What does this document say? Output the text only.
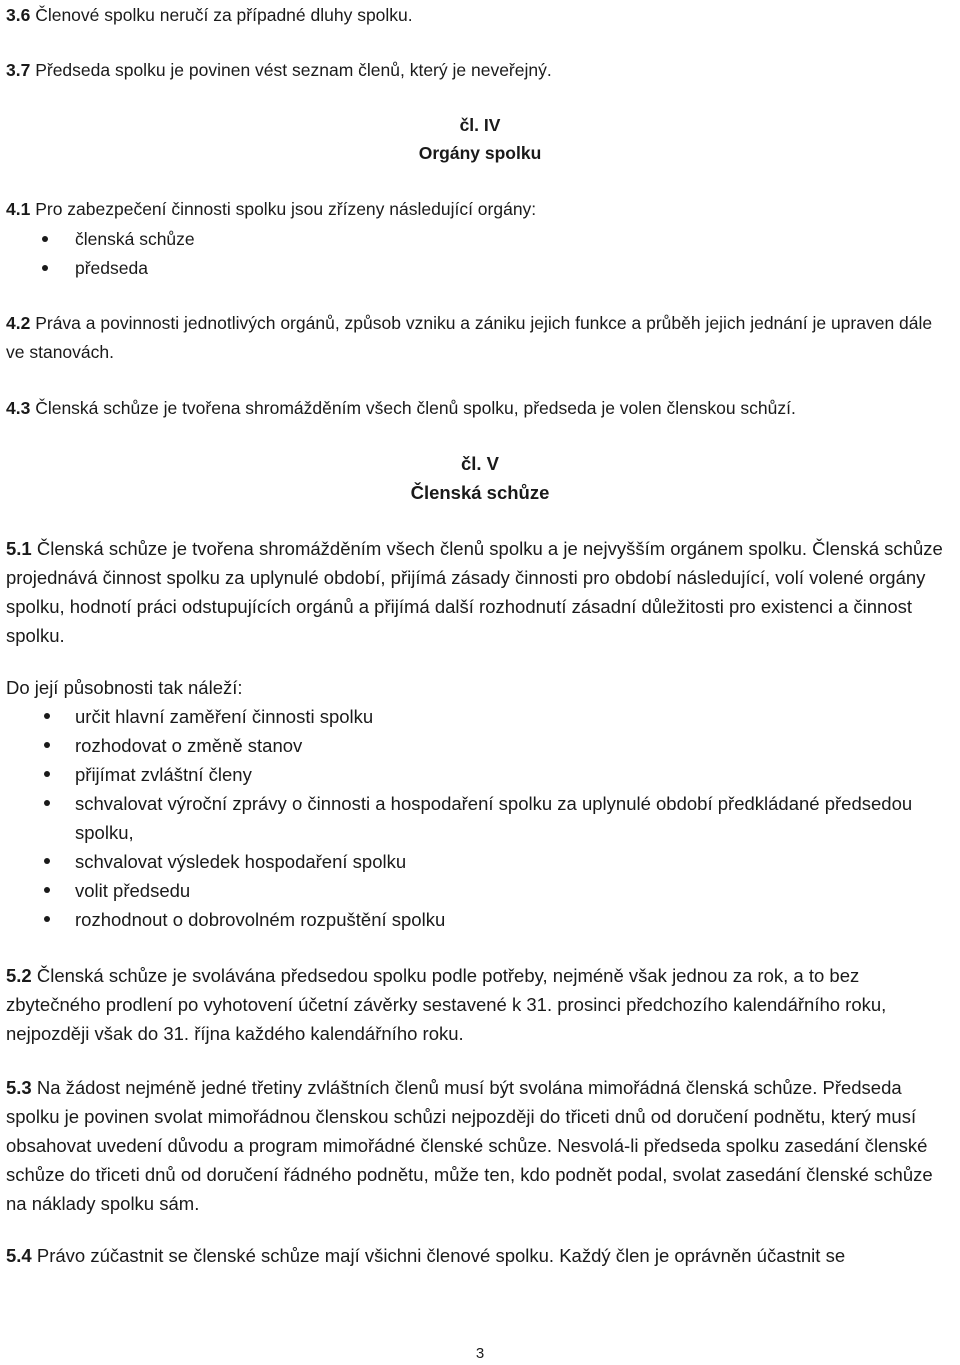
3.6 Členové spolku neručí za případné dluhy spolku.
3.7 Předseda spolku je povinen vést seznam členů, který je neveřejný.
čl. IV
Orgány spolku
4.1 Pro zabezpečení činnosti spolku jsou zřízeny následující orgány:
členská schůze
předseda
4.2 Práva a povinnosti jednotlivých orgánů, způsob vzniku a zániku jejich funkce a průběh jejich jednání je upraven dále ve stanovách.
4.3 Členská schůze je tvořena shromážděním všech členů spolku, předseda je volen členskou schůzí.
čl. V
Členská schůze
5.1 Členská schůze je tvořena shromážděním všech členů spolku a je nejvyšším orgánem spolku. Členská schůze projednává činnost spolku za uplynulé období, přijímá zásady činnosti pro období následující, volí volené orgány spolku, hodnotí práci odstupujících orgánů a přijímá další rozhodnutí zásadní důležitosti pro existenci a činnost spolku.
Do její působnosti tak náleží:
určit hlavní zaměření činnosti spolku
rozhodovat o změně stanov
přijímat zvláštní členy
schvalovat výroční zprávy o činnosti a hospodaření spolku za uplynulé období předkládané předsedou spolku,
schvalovat výsledek hospodaření spolku
volit předsedu
rozhodnout o dobrovolném rozpuštění spolku
5.2 Členská schůze je svolávána předsedou spolku podle potřeby, nejméně však jednou za rok, a to bez zbytečného prodlení po vyhotovení účetní závěrky sestavené k 31. prosinci předchozího kalendářního roku, nejpozději však do 31. října každého kalendářního roku.
5.3 Na žádost nejméně jedné třetiny zvláštních členů musí být svolána mimořádná členská schůze. Předseda spolku je povinen svolat mimořádnou členskou schůzi nejpozději do třiceti dnů od doručení podnětu, který musí obsahovat uvedení důvodu a program mimořádné členské schůze. Nesvolá-li předseda spolku zasedání členské schůze do třiceti dnů od doručení řádného podnětu, může ten, kdo podnět podal, svolat zasedání členské schůze na náklady spolku sám.
5.4 Právo zúčastnit se členské schůze mají všichni členové spolku. Každý člen je oprávněn účastnit se
3
